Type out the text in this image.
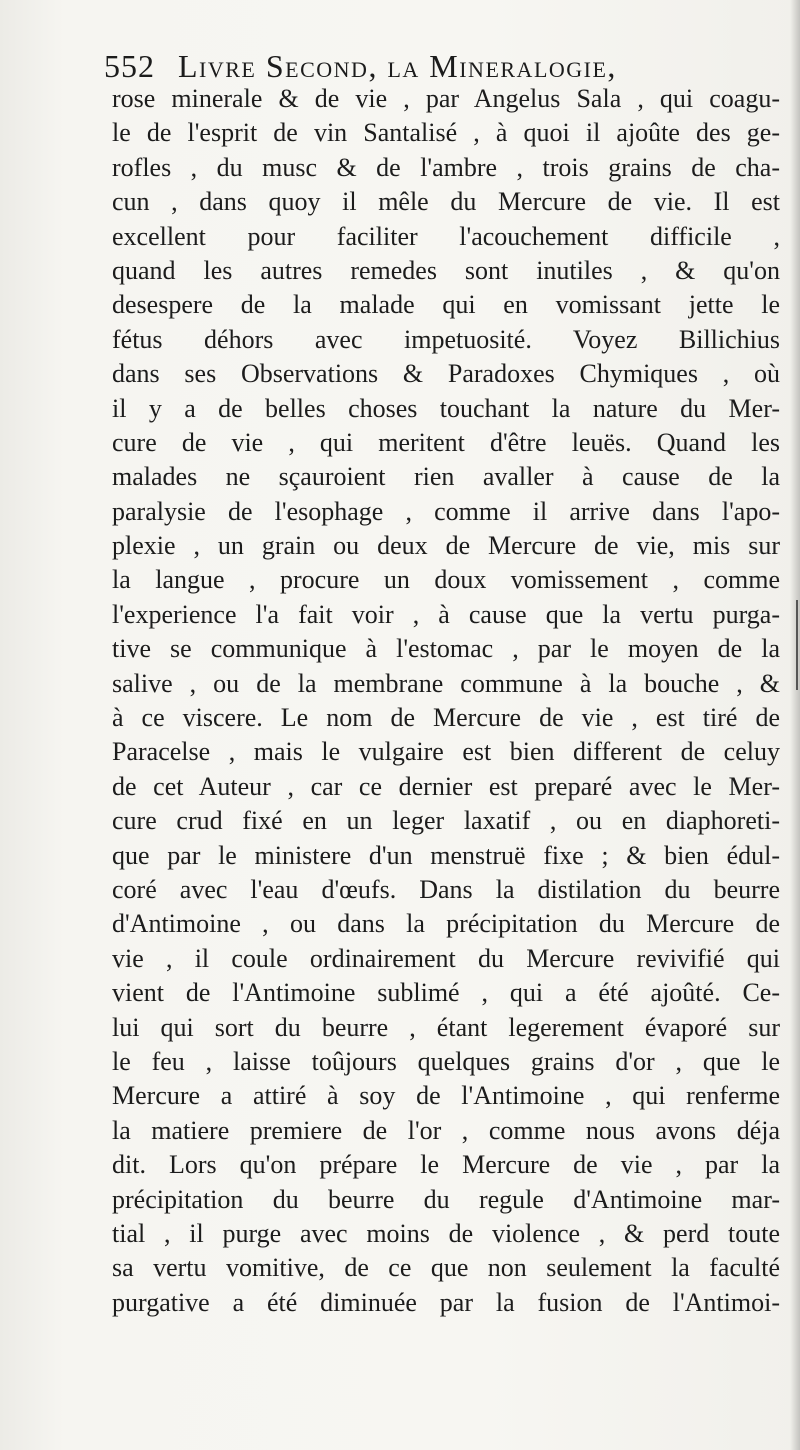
552 Livre Second, la Mineralogie,
rose minerale & de vie , par Angelus Sala , qui coagu-
le de l'esprit de vin Santalisé , à quoi il ajoûte des ge-
rofles , du musc & de l'ambre , trois grains de cha-
cun , dans quoy il mêle du Mercure de vie. Il est
excellent pour faciliter l'acouchement difficile ,
quand les autres remedes sont inutiles , & qu'on
desespere de la malade qui en vomissant jette le
fétus déhors avec impetuosité. Voyez Billichius
dans ses Observations & Paradoxes Chymiques , où
il y a de belles choses touchant la nature du Mer-
cure de vie , qui meritent d'être leuës. Quand les
malades ne sçauroient rien avaller à cause de la
paralysie de l'esophage , comme il arrive dans l'apo-
plexie , un grain ou deux de Mercure de vie, mis sur
la langue , procure un doux vomissement , comme
l'experience l'a fait voir , à cause que la vertu purga-
tive se communique à l'estomac , par le moyen de la
salive , ou de la membrane commune à la bouche , &
à ce viscere. Le nom de Mercure de vie , est tiré de
Paracelse , mais le vulgaire est bien different de celuy
de cet Auteur , car ce dernier est preparé avec le Mer-
cure crud fixé en un leger laxatif , ou en diaphoreti-
que par le ministere d'un menstruë fixe ; & bien édul-
coré avec l'eau d'œufs. Dans la distilation du beurre
d'Antimoine , ou dans la précipitation du Mercure de
vie , il coule ordinairement du Mercure revivifié qui
vient de l'Antimoine sublimé , qui a été ajoûté. Ce-
lui qui sort du beurre , étant legerement évaporé sur
le feu , laisse toûjours quelques grains d'or , que le
Mercure a attiré à soy de l'Antimoine , qui renferme
la matiere premiere de l'or , comme nous avons déja
dit. Lors qu'on prépare le Mercure de vie , par la
précipitation du beurre du regule d'Antimoine mar-
tial , il purge avec moins de violence , & perd toute
sa vertu vomitive, de ce que non seulement la faculté
purgative a été diminuée par la fusion de l'Antimoi-
